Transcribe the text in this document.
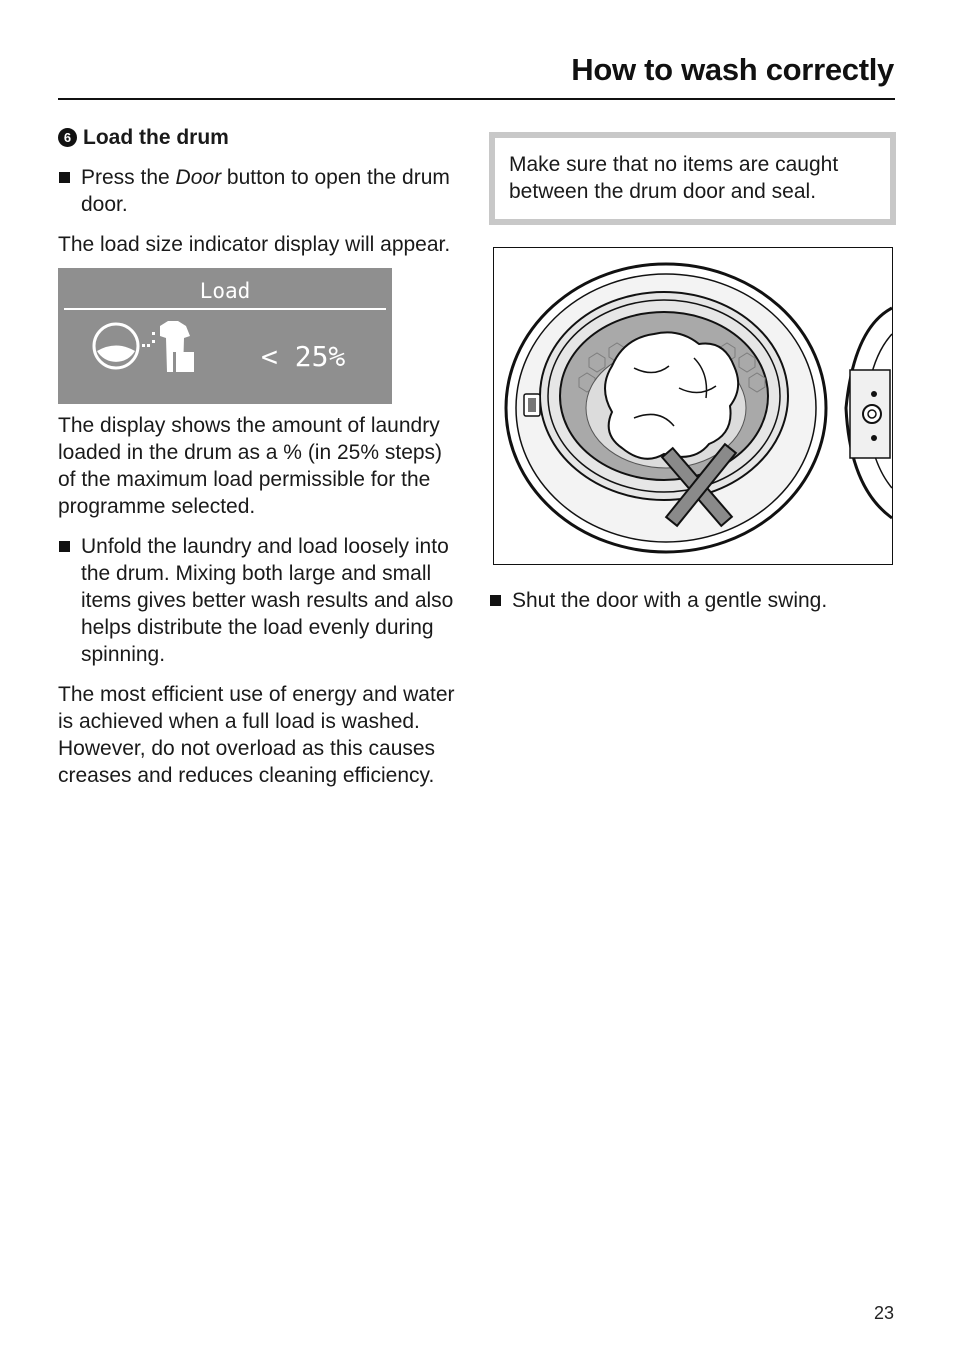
How to wash correctly
6 Load the drum

Press the Door button to open the drum door.

The load size indicator display will appear.

Load
< 25%

The display shows the amount of laundry loaded in the drum as a % (in 25% steps) of the maximum load permissible for the programme selected.

Unfold the laundry and load loosely into the drum. Mixing both large and small items gives better wash results and also helps distribute the load evenly during spinning.

The most efficient use of energy and water is achieved when a full load is washed. However, do not overload as this causes creases and reduces cleaning efficiency.

Make sure that no items are caught between the drum door and seal.

Shut the door with a gentle swing.

23
